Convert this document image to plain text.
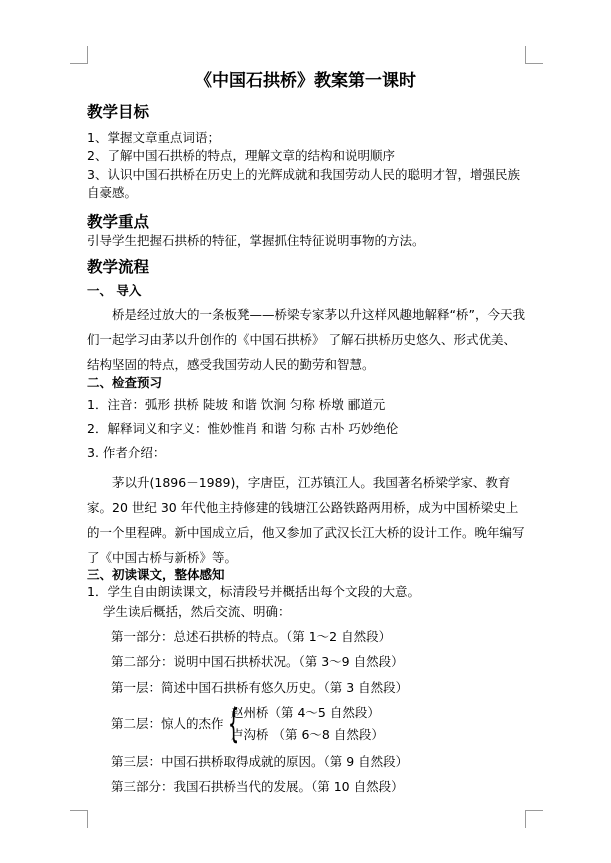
《中国石拱桥》教案第一课时
教学目标
1、掌握文章重点词语；
2、了解中国石拱桥的特点，理解文章的结构和说明顺序
3、认识中国石拱桥在历史上的光辉成就和我国劳动人民的聪明才智，增强民族自豪感。
教学重点
引导学生把握石拱桥的特征，掌握抓住特征说明事物的方法。
教学流程
一、 导入
桥是经过放大的一条板凳——桥梁专家茅以升这样风趣地解释“桥”，今天我们一起学习由茅以升创作的《中国石拱桥》 了解石拱桥历史悠久、形式优美、结构坚固的特点，感受我国劳动人民的勤劳和智慧。
二、检查预习
1．注音：弧形 拱桥 陡坡 和谐 饮涧 匀称 桥墩 郦道元
2．解释词义和字义：惟妙惟肖 和谐 匀称 古朴 巧妙绝伦
3. 作者介绍：
茅以升(1896－1989)，字唐臣，江苏镇江人。我国著名桥梁学家、教育家。20 世纪 30 年代他主持修建的钱塘江公路铁路两用桥，成为中国桥梁史上的一个里程碑。新中国成立后，他又参加了武汉长江大桥的设计工作。晚年编写了《中国古桥与新桥》等。
三、初读课文，整体感知
1．学生自由朗读课文，标清段号并概括出每个文段的大意。
学生读后概括，然后交流、明确：
第一部分：总述石拱桥的特点。（第 1～2 自然段）
第二部分：说明中国石拱桥状况。（第 3～9 自然段）
第一层：简述中国石拱桥有悠久历史。（第 3 自然段）
第二层：惊人的杰作 {
赵州桥（第 4～5 自然段）
卢沟桥 （第 6～8 自然段）
第三层：中国石拱桥取得成就的原因。（第 9 自然段）
第三部分：我国石拱桥当代的发展。（第 10 自然段）
